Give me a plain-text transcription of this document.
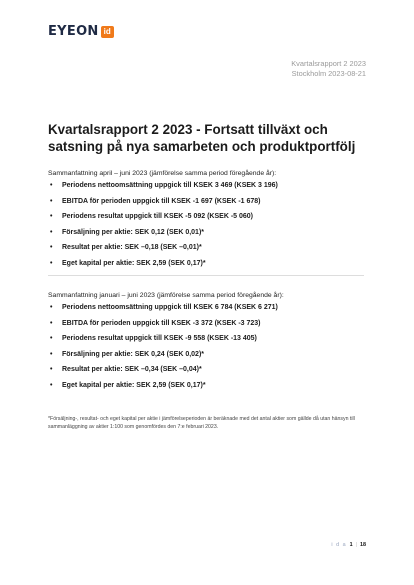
EYEON id
Kvartalsrapport 2 2023
Stockholm 2023-08-21
Kvartalsrapport 2 2023 - Fortsatt tillväxt och satsning på nya samarbeten och produktportfölj

Sammanfattning april – juni 2023 (jämförelse samma period föregående år):

• Periodens nettoomsättning uppgick till KSEK 3 469 (KSEK 3 196)
• EBITDA för perioden uppgick till KSEK -1 697 (KSEK -1 678)
• Periodens resultat uppgick till KSEK -5 092 (KSEK -5 060)
• Försäljning per aktie: SEK 0,12 (SEK 0,01)*
• Resultat per aktie: SEK –0,18 (SEK –0,01)*
• Eget kapital per aktie: SEK 2,59 (SEK 0,17)*

Sammanfattning januari – juni 2023 (jämförelse samma period föregående år):

• Periodens nettoomsättning uppgick till KSEK 6 784 (KSEK 6 271)
• EBITDA för perioden uppgick till KSEK -3 372 (KSEK -3 723)
• Periodens resultat uppgick till KSEK -9 558 (KSEK -13 405)
• Försäljning per aktie: SEK 0,24 (SEK 0,02)*
• Resultat per aktie: SEK –0,34 (SEK –0,04)*
• Eget kapital per aktie: SEK 2,59 (SEK 0,17)*
*Försäljning-, resultat- och eget kapital per aktie i jämförelseperioden är beräknade med det antal aktier som gällde då utan hänsyn till sammanläggning av aktier 1:100 som genomfördes den 7:e februari 2023.
i d a 1 | 18
